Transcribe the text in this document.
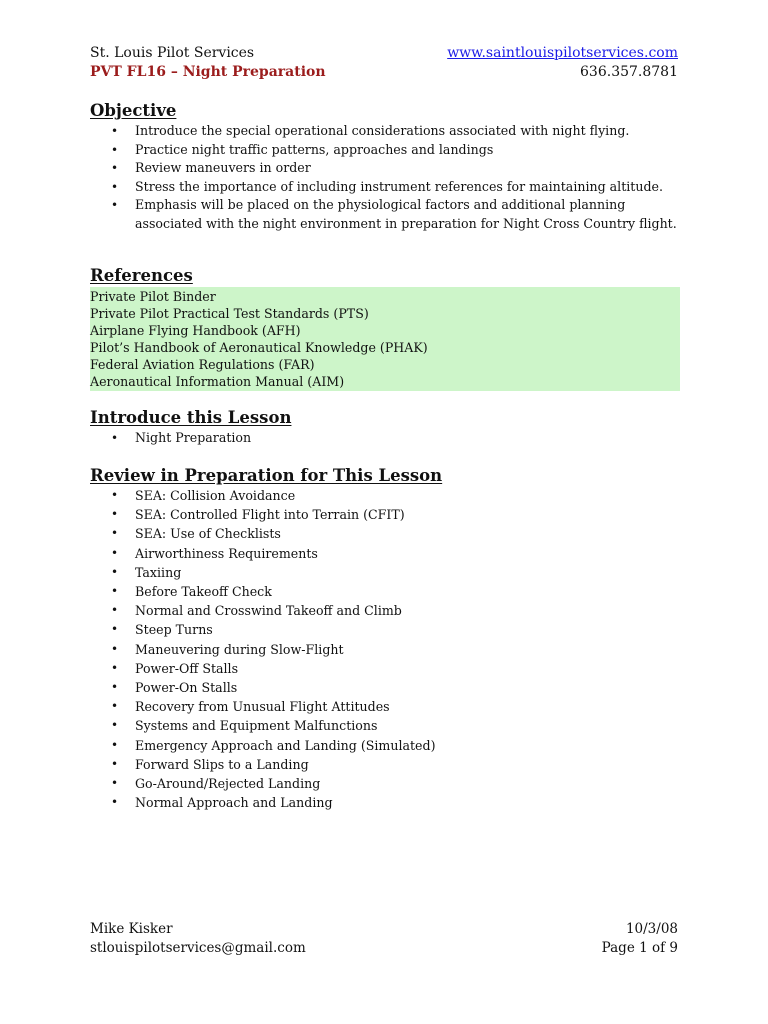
St. Louis Pilot Services	www.saintlouispilotservices.com
PVT FL16 – Night Preparation	636.357.8781
Objective
• Introduce the special operational considerations associated with night flying.
• Practice night traffic patterns, approaches and landings
• Review maneuvers in order
• Stress the importance of including instrument references for maintaining altitude.
• Emphasis will be placed on the physiological factors and additional planning associated with the night environment in preparation for Night Cross Country flight.
References
Private Pilot Binder
Private Pilot Practical Test Standards (PTS)
Airplane Flying Handbook (AFH)
Pilot’s Handbook of Aeronautical Knowledge (PHAK)
Federal Aviation Regulations (FAR)
Aeronautical Information Manual (AIM)
Introduce this Lesson
• Night Preparation
Review in Preparation for This Lesson
• SEA: Collision Avoidance
• SEA: Controlled Flight into Terrain (CFIT)
• SEA: Use of Checklists
• Airworthiness Requirements
• Taxiing
• Before Takeoff Check
• Normal and Crosswind Takeoff and Climb
• Steep Turns
• Maneuvering during Slow-Flight
• Power-Off Stalls
• Power-On Stalls
• Recovery from Unusual Flight Attitudes
• Systems and Equipment Malfunctions
• Emergency Approach and Landing (Simulated)
• Forward Slips to a Landing
• Go-Around/Rejected Landing
• Normal Approach and Landing
Mike Kisker	10/3/08
stlouispilotservices@gmail.com	Page 1 of 9
